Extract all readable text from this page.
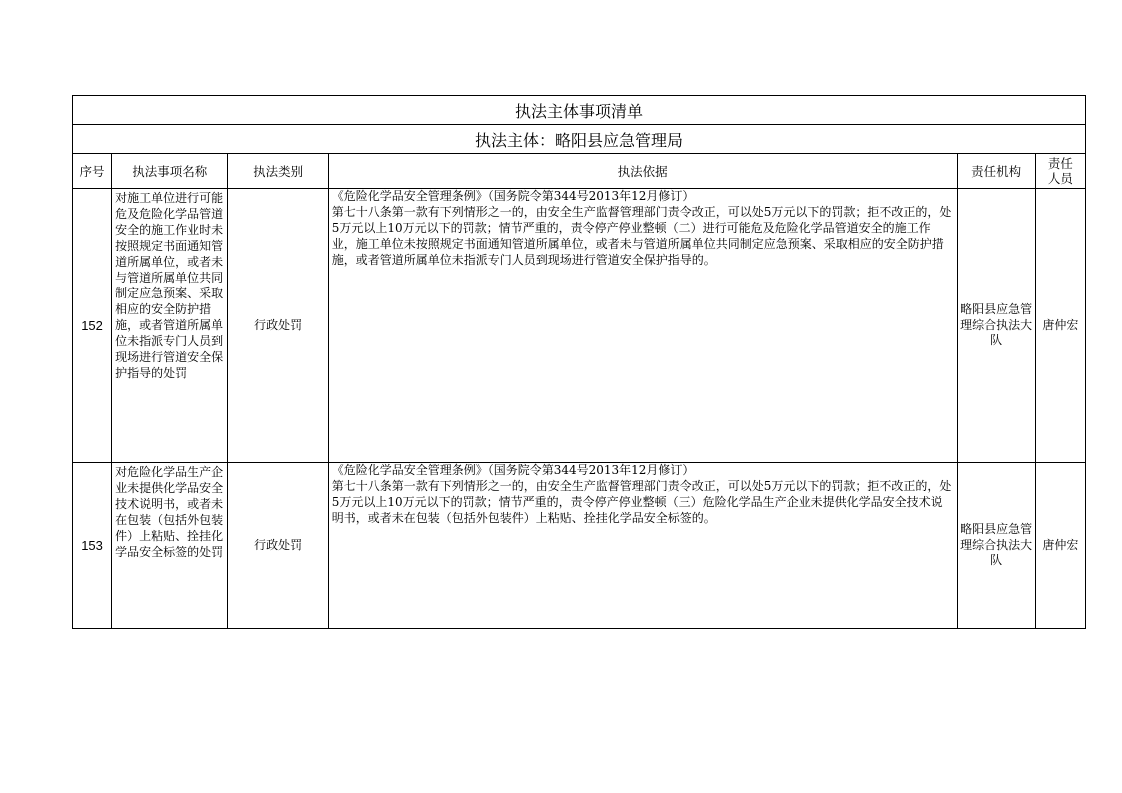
执法主体事项清单					
执法主体：略阳县应急管理局					
序号	执法事项名称	执法类别	执法依据	责任机构	责任人员
152	对施工单位进行可能危及危险化学品管道安全的施工作业时未按照规定书面通知管道所属单位，或者未与管道所属单位共同制定应急预案、采取相应的安全防护措施，或者管道所属单位未指派专门人员到现场进行管道安全保护指导的处罚	行政处罚	《危险化学品安全管理条例》（国务院令第344号2013年12月修订）
第七十八条第一款有下列情形之一的，由安全生产监督管理部门责令改正，可以处5万元以下的罚款；拒不改正的，处5万元以上10万元以下的罚款；情节严重的，责令停产停业整顿（二）进行可能危及危险化学品管道安全的施工作业，施工单位未按照规定书面通知管道所属单位，或者未与管道所属单位共同制定应急预案、采取相应的安全防护措施，或者管道所属单位未指派专门人员到现场进行管道安全保护指导的。	略阳县应急管理综合执法大队	唐仲宏
153	对危险化学品生产企业未提供化学品安全技术说明书，或者未在包装（包括外包装件）上粘贴、拴挂化学品安全标签的处罚	行政处罚	《危险化学品安全管理条例》（国务院令第344号2013年12月修订）
第七十八条第一款有下列情形之一的，由安全生产监督管理部门责令改正，可以处5万元以下的罚款；拒不改正的，处5万元以上10万元以下的罚款；情节严重的，责令停产停业整顿（三）危险化学品生产企业未提供化学品安全技术说明书，或者未在包装（包括外包装件）上粘贴、拴挂化学品安全标签的。	略阳县应急管理综合执法大队	唐仲宏
